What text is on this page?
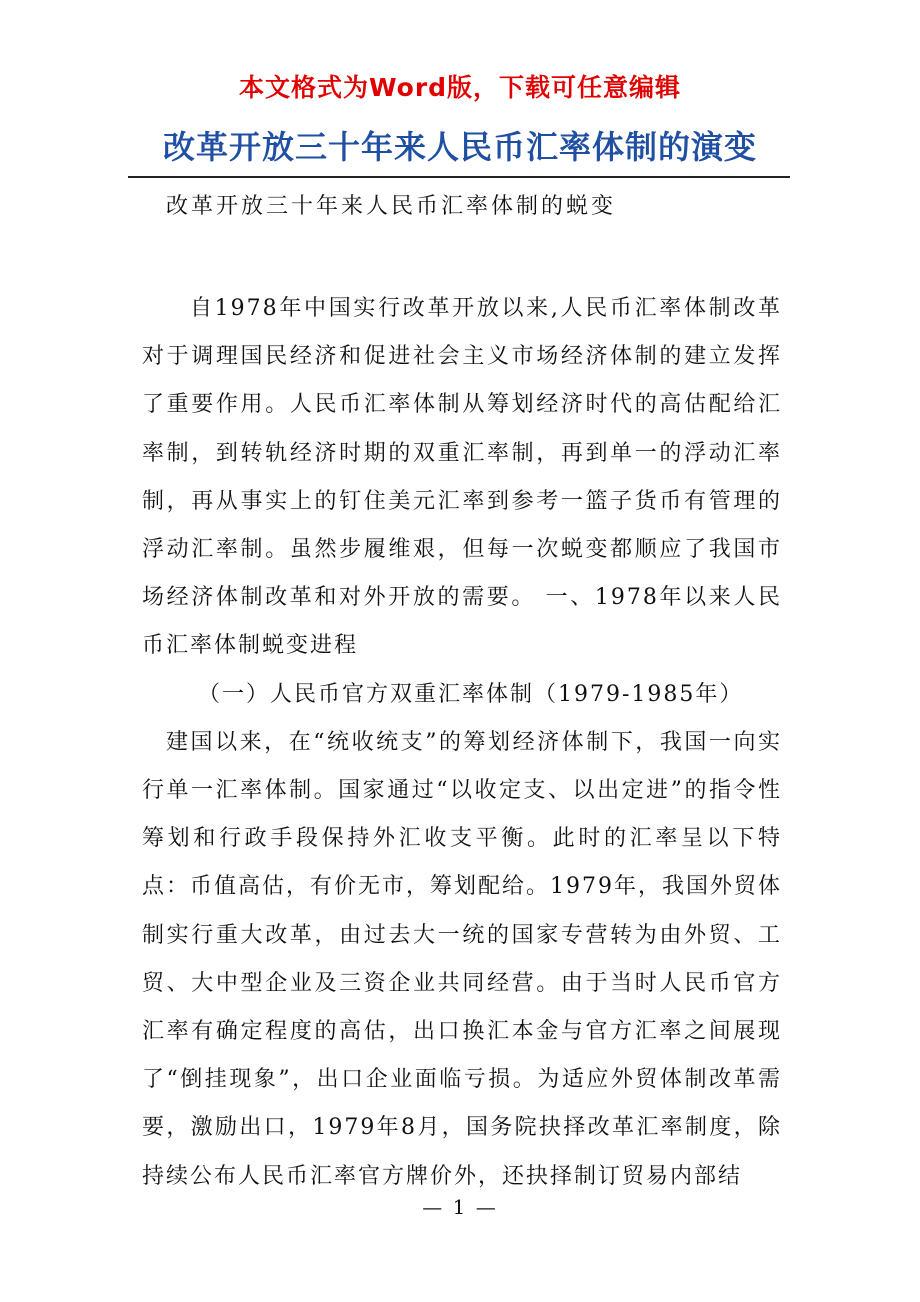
本文格式为Word版，下载可任意编辑
改革开放三十年来人民币汇率体制的演变
改革开放三十年来人民币汇率体制的蜕变

自1978年中国实行改革开放以来,人民币汇率体制改革对于调理国民经济和促进社会主义市场经济体制的建立发挥了重要作用。人民币汇率体制从筹划经济时代的高估配给汇率制，到转轨经济时期的双重汇率制，再到单一的浮动汇率制，再从事实上的钉住美元汇率到参考一篮子货币有管理的浮动汇率制。虽然步履维艰，但每一次蜕变都顺应了我国市场经济体制改革和对外开放的需要。 一、1978年以来人民币汇率体制蜕变进程

（一）人民币官方双重汇率体制（1979-1985年）

建国以来，在“统收统支”的筹划经济体制下，我国一向实行单一汇率体制。国家通过“以收定支、以出定进”的指令性筹划和行政手段保持外汇收支平衡。此时的汇率呈以下特点：币值高估，有价无市，筹划配给。1979年，我国外贸体制实行重大改革，由过去大一统的国家专营转为由外贸、工贸、大中型企业及三资企业共同经营。由于当时人民币官方汇率有确定程度的高估，出口换汇本金与官方汇率之间展现了“倒挂现象”，出口企业面临亏损。为适应外贸体制改革需要，激励出口，1979年8月，国务院抉择改革汇率制度，除持续公布人民币汇率官方牌价外，还抉择制订贸易内部结

— 1 —
